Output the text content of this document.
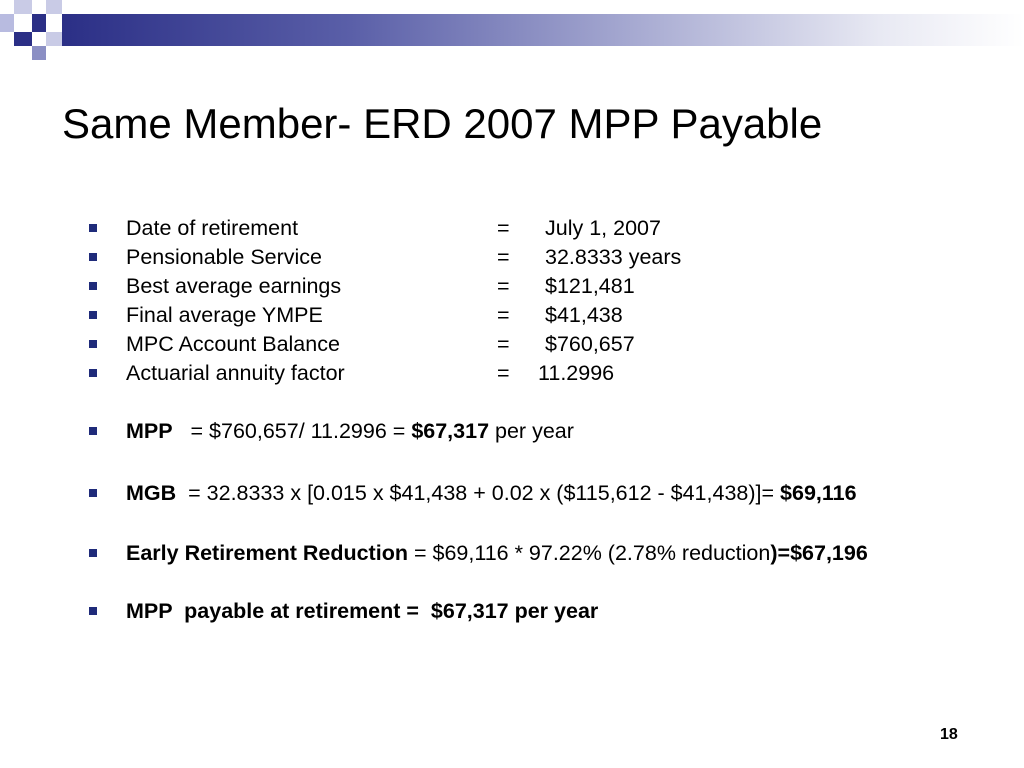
Same Member- ERD 2007 MPP Payable
Date of retirement	= July 1, 2007
Pensionable Service	= 32.8333 years
Best average earnings	= $121,481
Final average YMPE	= $41,438
MPC Account Balance	= $760,657
Actuarial annuity factor	= 11.2996
MPP = $760,657/ 11.2996 = $67,317 per year
MGB = 32.8333 x [0.015 x $41,438 + 0.02 x ($115,612 - $41,438)]= $69,116
Early Retirement Reduction = $69,116 * 97.22% (2.78% reduction)=$67,196
MPP  payable at retirement =  $67,317 per year
18
